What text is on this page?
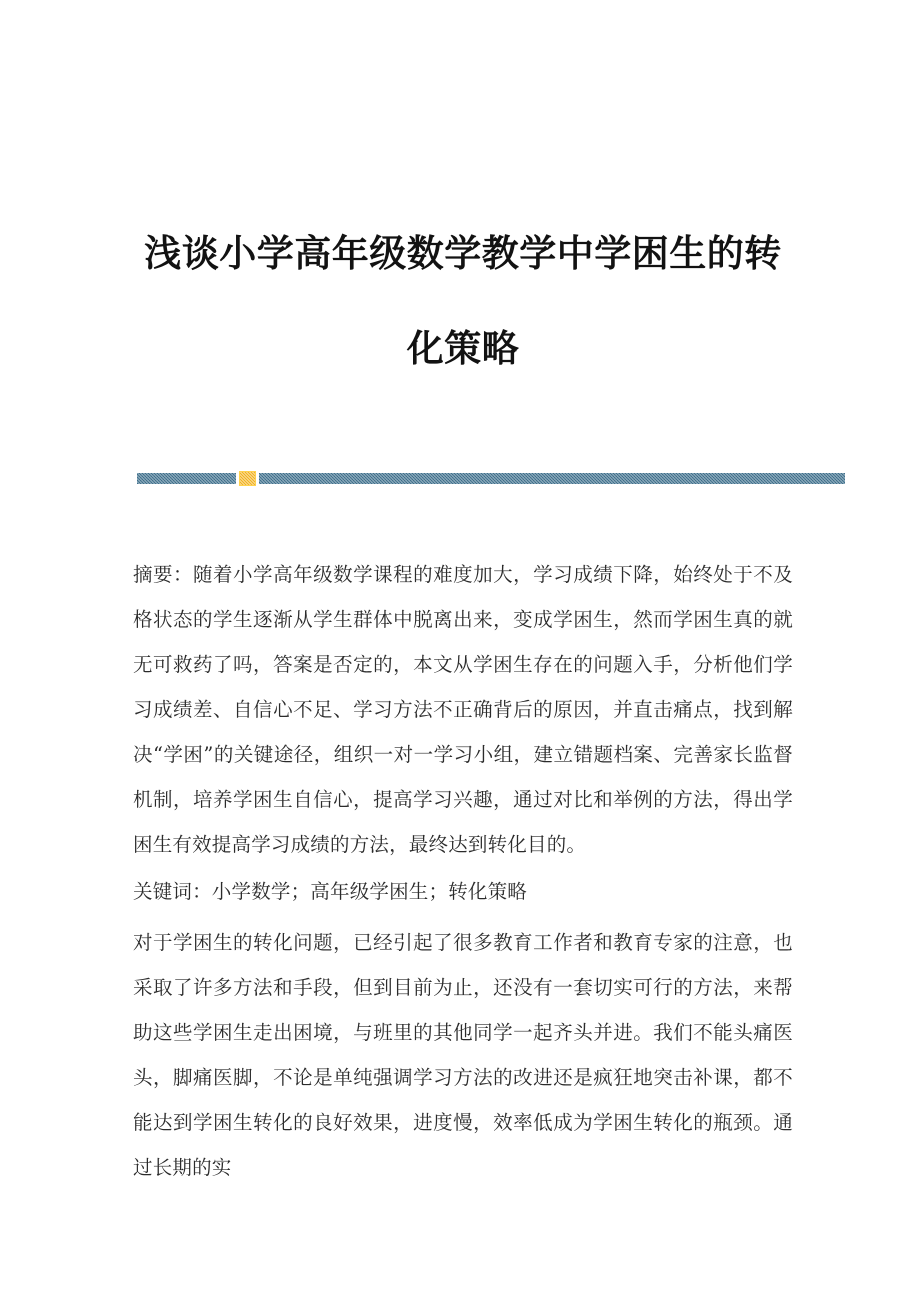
浅谈小学高年级数学教学中学困生的转化策略

摘要：随着小学高年级数学课程的难度加大，学习成绩下降，始终处于不及格状态的学生逐渐从学生群体中脱离出来，变成学困生，然而学困生真的就无可救药了吗，答案是否定的，本文从学困生存在的问题入手，分析他们学习成绩差、自信心不足、学习方法不正确背后的原因，并直击痛点，找到解决“学困”的关键途径，组织一对一学习小组，建立错题档案、完善家长监督机制，培养学困生自信心，提高学习兴趣，通过对比和举例的方法，得出学困生有效提高学习成绩的方法，最终达到转化目的。

关键词：小学数学；高年级学困生；转化策略

对于学困生的转化问题，已经引起了很多教育工作者和教育专家的注意，也采取了许多方法和手段，但到目前为止，还没有一套切实可行的方法，来帮助这些学困生走出困境，与班里的其他同学一起齐头并进。我们不能头痛医头，脚痛医脚，不论是单纯强调学习方法的改进还是疯狂地突击补课，都不能达到学困生转化的良好效果，进度慢，效率低成为学困生转化的瓶颈。通过长期的实
